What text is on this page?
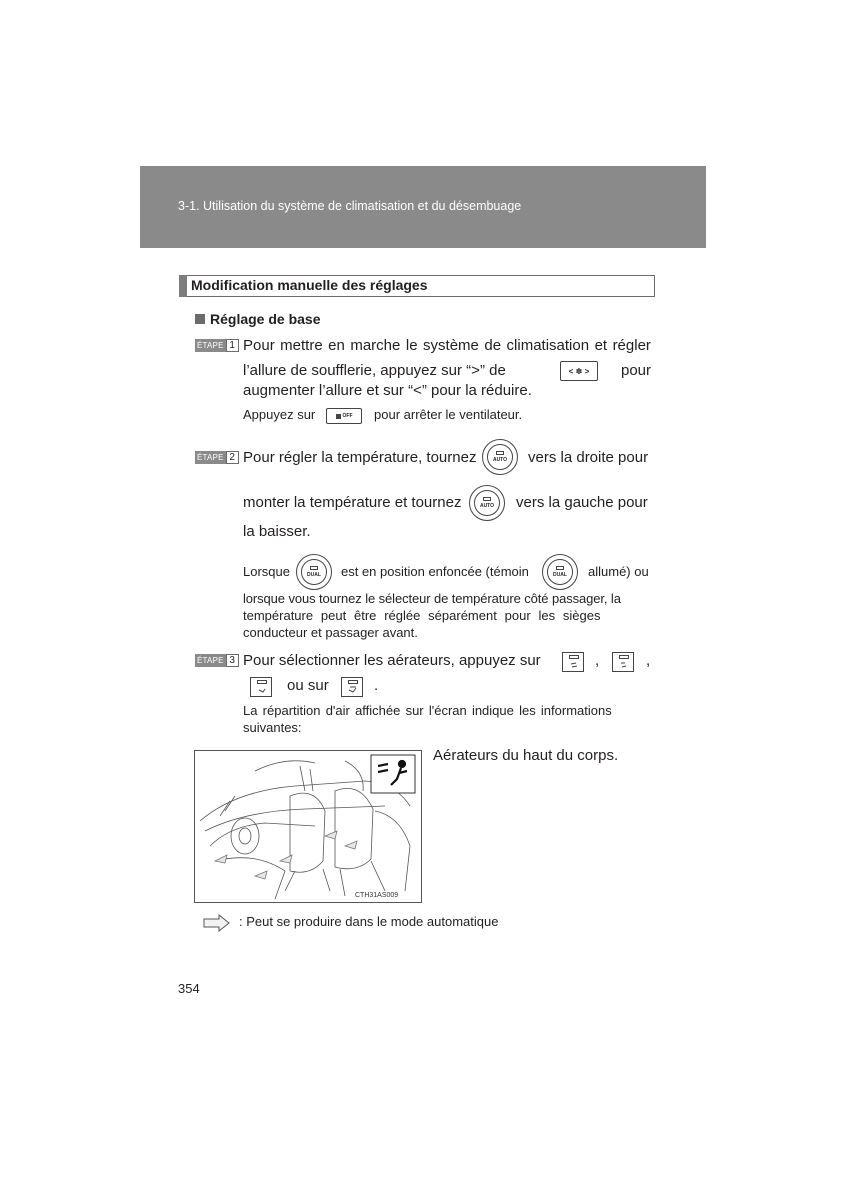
3-1. Utilisation du système de climatisation et du désembuage
Modification manuelle des réglages
Réglage de base
ÉTAPE 1 Pour mettre en marche le système de climatisation et régler
l’allure de soufflerie, appuyez sur “>” de	< ✽ > pour
augmenter l’allure et sur “<” pour la réduire.
Appuyez sur	OFF pour arrêter le ventilateur.
ÉTAPE 2 Pour régler la température, tournez	AUTO vers la droite pour
monter la température et tournez	AUTO vers la gauche pour
la baisser.
Lorsque	DUAL est en position enfoncée (témoin	DUAL allumé) ou
lorsque vous tournez le sélecteur de température côté passager, la
température peut être réglée séparément pour les sièges
conducteur et passager avant.
ÉTAPE 3 Pour sélectionner les aérateurs, appuyez sur	,	,
ou sur	.
La répartition d'air affichée sur l'écran indique les informations
suivantes:
CTH31AS009
Aérateurs du haut du corps.
: Peut se produire dans le mode automatique
354
